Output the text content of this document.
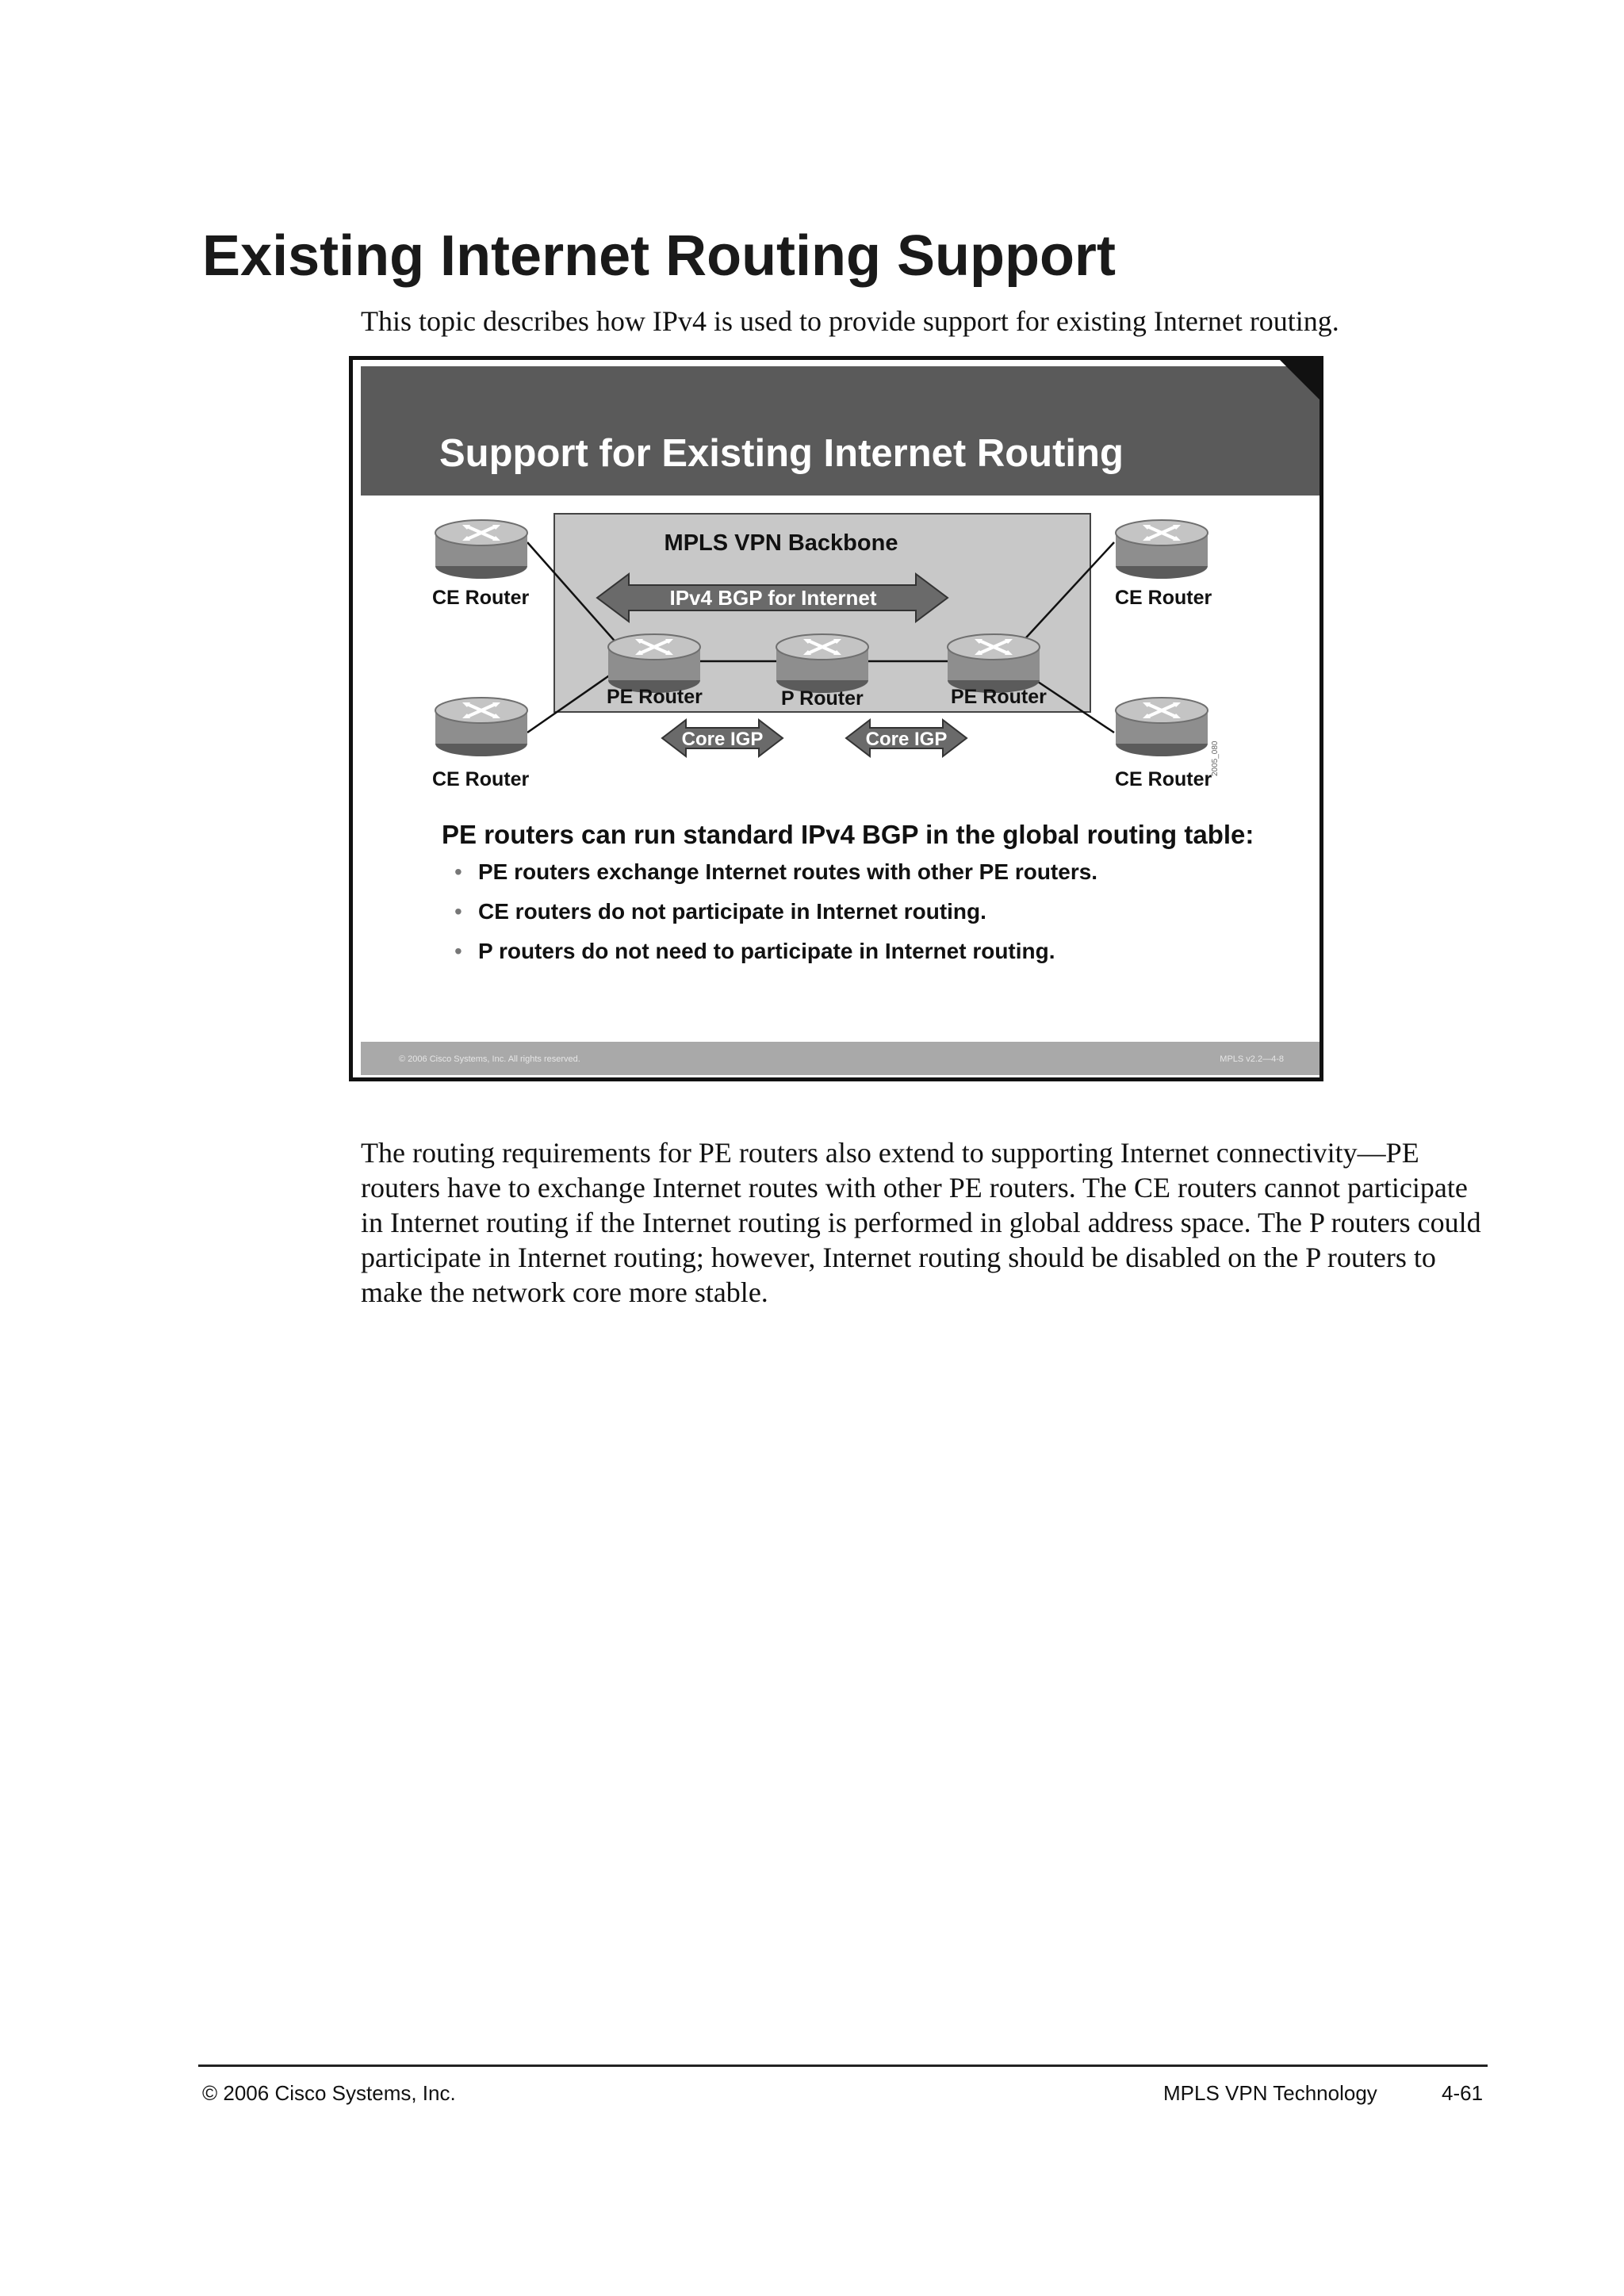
Existing Internet Routing Support
This topic describes how IPv4 is used to provide support for existing Internet routing.
Support for Existing Internet Routing
MPLS VPN Backbone
IPv4 BGP for Internet
CE Router
CE Router
CE Router
CE Router
PE Router	P Router	PE Router
Core IGP	Core IGP
2005_080

PE routers can run standard IPv4 BGP in the global routing table:

• PE routers exchange Internet routes with other PE routers.
• CE routers do not participate in Internet routing.
• P routers do not need to participate in Internet routing.
© 2006 Cisco Systems, Inc. All rights reserved.	MPLS v2.2—4-8

The routing requirements for PE routers also extend to supporting Internet connectivity—PE routers have to exchange Internet routes with other PE routers. The CE routers cannot participate in Internet routing if the Internet routing is performed in global address space. The P routers could participate in Internet routing; however, Internet routing should be disabled on the P routers to make the network core more stable.

© 2006 Cisco Systems, Inc.	MPLS VPN Technology	4-61
